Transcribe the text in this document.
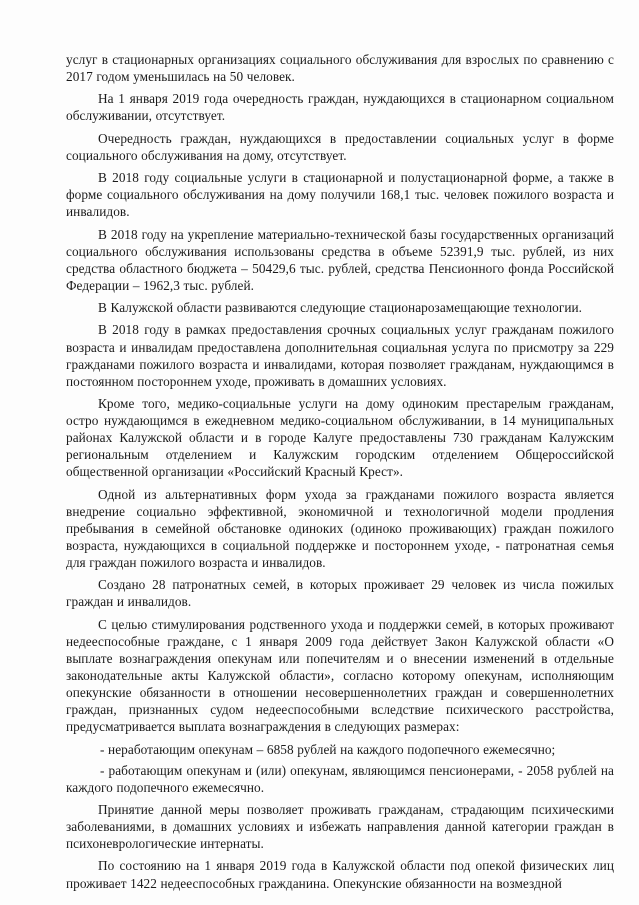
услуг в стационарных организациях социального обслуживания для взрослых по сравнению с 2017 годом уменьшилась на 50 человек.

На 1 января 2019 года очередность граждан, нуждающихся в стационарном социальном обслуживании, отсутствует.

Очередность граждан, нуждающихся в предоставлении социальных услуг в форме социального обслуживания на дому, отсутствует.

В 2018 году социальные услуги в стационарной и полустационарной форме, а также в форме социального обслуживания на дому получили 168,1 тыс. человек пожилого возраста и инвалидов.

В 2018 году на укрепление материально-технической базы государственных организаций социального обслуживания использованы средства в объеме 52391,9 тыс. рублей, из них средства областного бюджета – 50429,6 тыс. рублей, средства Пенсионного фонда Российской Федерации – 1962,3 тыс. рублей.

В Калужской области развиваются следующие стационарозамещающие технологии.

В 2018 году в рамках предоставления срочных социальных услуг гражданам пожилого возраста и инвалидам предоставлена дополнительная социальная услуга по присмотру за 229 гражданами пожилого возраста и инвалидами, которая позволяет гражданам, нуждающимся в постоянном постороннем уходе, проживать в домашних условиях.

Кроме того, медико-социальные услуги на дому одиноким престарелым гражданам, остро нуждающимся в ежедневном медико-социальном обслуживании, в 14 муниципальных районах Калужской области и в городе Калуге предоставлены 730 гражданам Калужским региональным отделением и Калужским городским отделением Общероссийской общественной организации «Российский Красный Крест».

Одной из альтернативных форм ухода за гражданами пожилого возраста является внедрение социально эффективной, экономичной и технологичной модели продления пребывания в семейной обстановке одиноких (одиноко проживающих) граждан пожилого возраста, нуждающихся в социальной поддержке и постороннем уходе, - патронатная семья для граждан пожилого возраста и инвалидов.

Создано 28 патронатных семей, в которых проживает 29 человек из числа пожилых граждан и инвалидов.

С целью стимулирования родственного ухода и поддержки семей, в которых проживают недееспособные граждане, с 1 января 2009 года действует Закон Калужской области «О выплате вознаграждения опекунам или попечителям и о внесении изменений в отдельные законодательные акты Калужской области», согласно которому опекунам, исполняющим опекунские обязанности в отношении несовершеннолетних граждан и совершеннолетних граждан, признанных судом недееспособными вследствие психического расстройства, предусматривается выплата вознаграждения в следующих размерах:

- неработающим опекунам – 6858 рублей на каждого подопечного ежемесячно;

- работающим опекунам и (или) опекунам, являющимся пенсионерами, - 2058 рублей на каждого подопечного ежемесячно.

Принятие данной меры позволяет проживать гражданам, страдающим психическими заболеваниями, в домашних условиях и избежать направления данной категории граждан в психоневрологические интернаты.

По состоянию на 1 января 2019 года в Калужской области под опекой физических лиц проживает 1422 недееспособных гражданина. Опекунские обязанности на возмездной
